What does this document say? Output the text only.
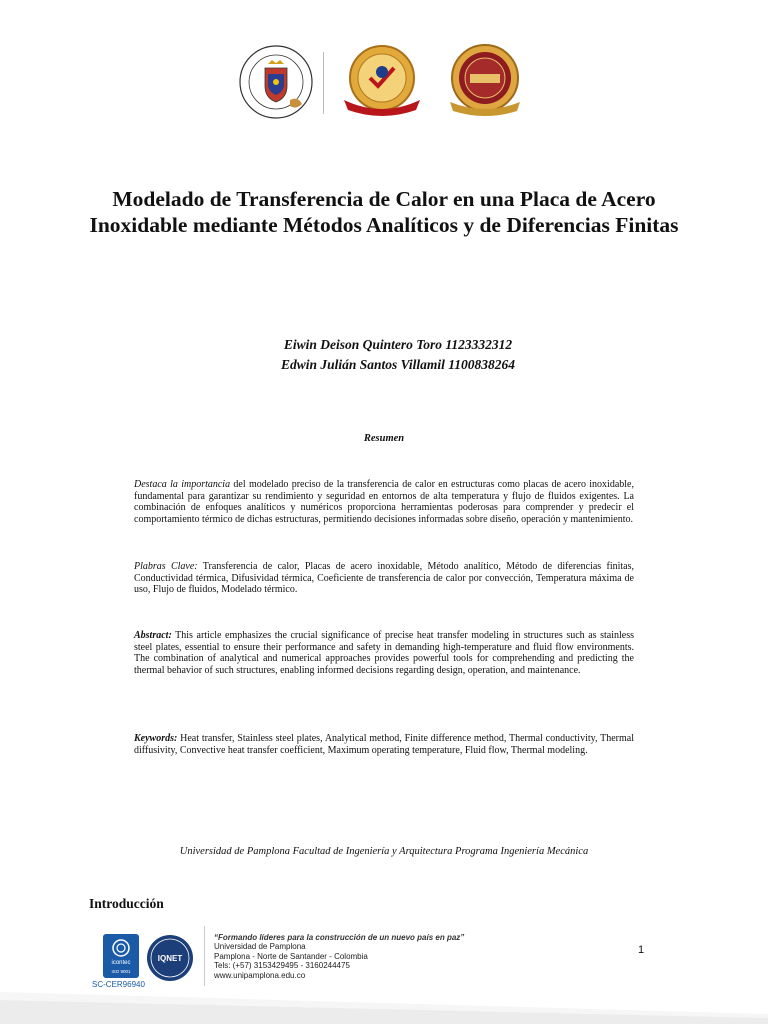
Modelado de Transferencia de Calor en una Placa de Acero Inoxidable mediante Métodos Analíticos y de Diferencias Finitas
Eiwin Deison Quintero Toro 1123332312
Edwin Julián Santos Villamil 1100838264
Resumen
Destaca la importancia del modelado preciso de la transferencia de calor en estructuras como placas de acero inoxidable, fundamental para garantizar su rendimiento y seguridad en entornos de alta temperatura y flujo de fluidos exigentes. La combinación de enfoques analíticos y numéricos proporciona herramientas poderosas para comprender y predecir el comportamiento térmico de dichas estructuras, permitiendo decisiones informadas sobre diseño, operación y mantenimiento.
Plabras Clave: Transferencia de calor, Placas de acero inoxidable, Método analítico, Método de diferencias finitas, Conductividad térmica, Difusividad térmica, Coeficiente de transferencia de calor por convección, Temperatura máxima de uso, Flujo de fluidos, Modelado térmico.
Abstract: This article emphasizes the crucial significance of precise heat transfer modeling in structures such as stainless steel plates, essential to ensure their performance and safety in demanding high-temperature and fluid flow environments. The combination of analytical and numerical approaches provides powerful tools for comprehending and predicting the thermal behavior of such structures, enabling informed decisions regarding design, operation, and maintenance.
Keywords: Heat transfer, Stainless steel plates, Analytical method, Finite difference method, Thermal conductivity, Thermal diffusivity, Convective heat transfer coefficient, Maximum operating temperature, Fluid flow, Thermal modeling.
Universidad de Pamplona Facultad de Ingeniería y Arquitectura Programa Ingeniería Mecánica
Introducción
icontec
ISO 9001
IQNET
SC-CER96940
“Formando líderes para la construcción de un nuevo país en paz”
Universidad de Pamplona
Pamplona - Norte de Santander - Colombia
Tels: (+57) 3153429495 - 3160244475
www.unipamplona.edu.co
1
